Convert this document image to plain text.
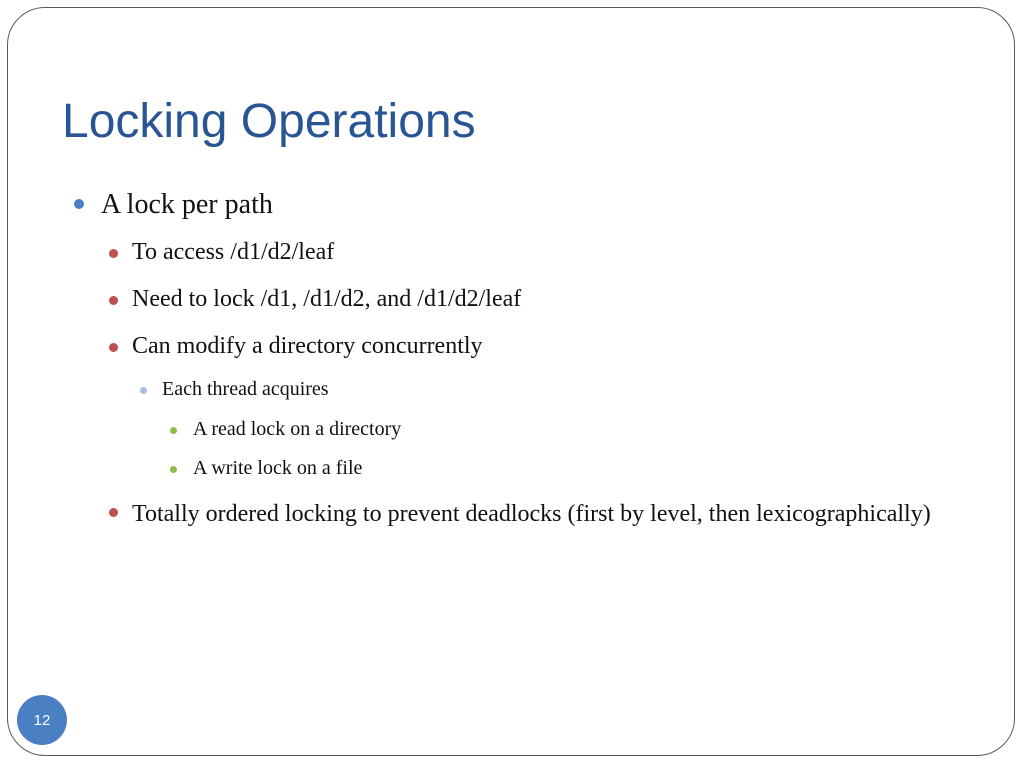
Locking Operations
A lock per path
To access /d1/d2/leaf
Need to lock /d1, /d1/d2, and /d1/d2/leaf
Can modify a directory concurrently
Each thread acquires
A read lock on a directory
A write lock on a file
Totally ordered locking to prevent deadlocks (first by level, then lexicographically)
12
